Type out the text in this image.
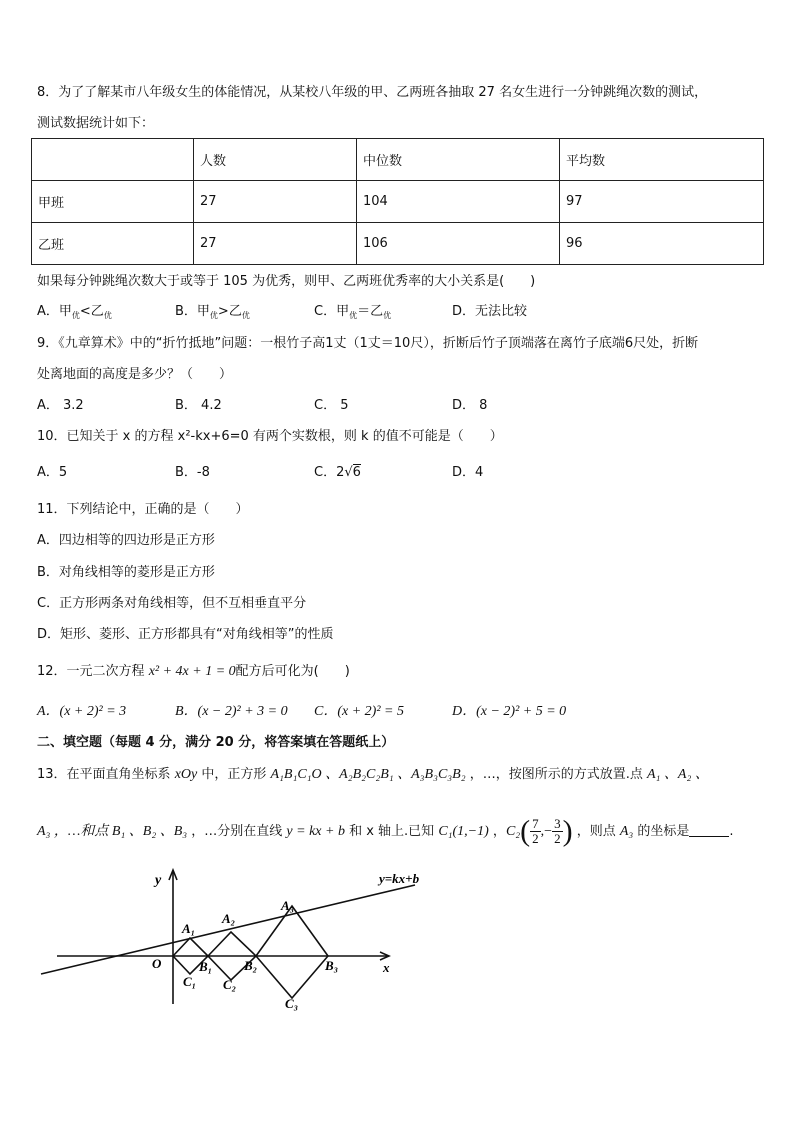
8．为了了解某市八年级女生的体能情况，从某校八年级的甲、乙两班各抽取 27 名女生进行一分钟跳绳次数的测试，
测试数据统计如下：
	人数	中位数	平均数
甲班	27	104	97
乙班	27	106	96
如果每分钟跳绳次数大于或等于 105 为优秀，则甲、乙两班优秀率的大小关系是(　　)
A．甲$_优$<乙$_优$	B．甲$_优$>乙$_优$	C．甲$_优$＝乙$_优$	D．无法比较
9．《九章算术》中的“折竹抵地”问题：一根竹子高1丈（1丈＝10尺），折断后竹子顶端落在离竹子底端6尺处，折断
处离地面的高度是多少？（　　）
A． 3.2	B． 4.2	C． 5	D． 8
10．已知关于 x 的方程 x²-kx+6=0 有两个实数根，则 k 的值不可能是（　　）
A．5	B．-8	C．2√6	D．4
11．下列结论中，正确的是（　　）
A．四边相等的四边形是正方形
B．对角线相等的菱形是正方形
C．正方形两条对角线相等，但不互相垂直平分
D．矩形、菱形、正方形都具有“对角线相等”的性质
12．一元二次方程 x² + 4x + 1 = 0配方后可化为(　　)
A．(x + 2)² = 3	B．(x − 2)² + 3 = 0 C．(x + 2)² = 5	D．(x − 2)² + 5 = 0
二、填空题（每题 4 分，满分 20 分，将答案填在答题纸上）
13．在平面直角坐标系 xOy 中，正方形 A₁B₁C₁O 、A₂B₂C₂B₁ 、A₃B₃C₃B₂ ，…，按图所示的方式放置.点 A₁ 、A₂ 、
A₃ ，…和点 B₁ 、B₂ 、B₃ ，…分别在直线 y = kx + b 和 x 轴上.已知 C₁(1,−1) ，$C_2( \frac{7}{2}$ ,− $\frac{3}{2}$ ) ，则点 A₃ 的坐标是	.
y
x
O
y=kx+b
A₁
A₂
A₃
B₁ B₂	B₃
C₁ C₂
C₃
